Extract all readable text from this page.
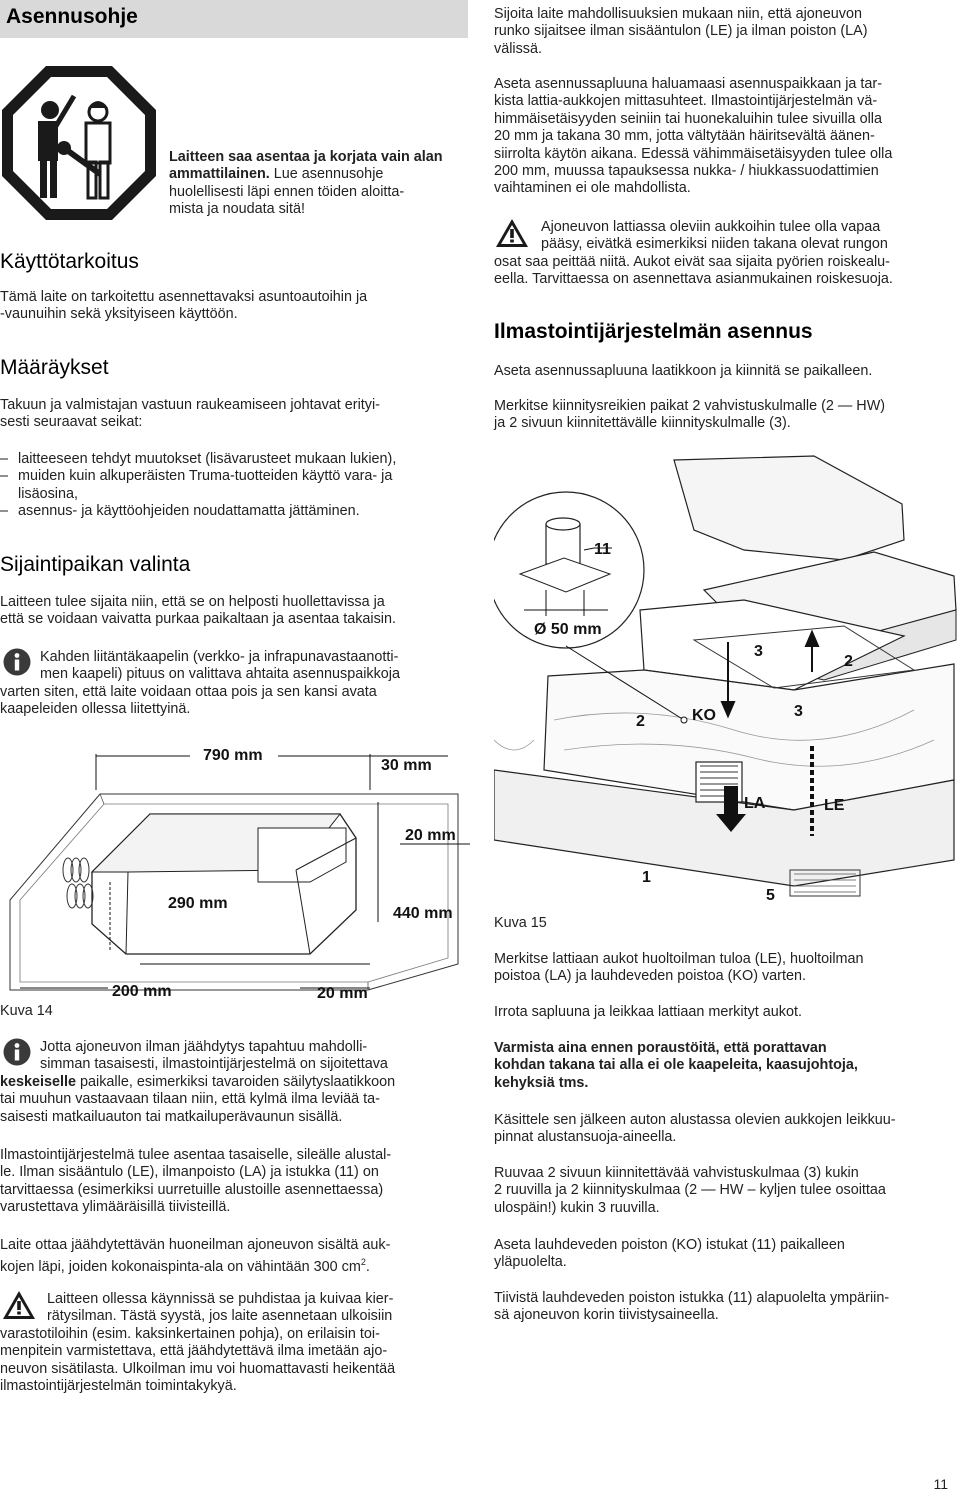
Asennusohje
Laitteen saa asentaa ja korjata vain alan ammattilainen. Lue asennusohje
huolellisesti läpi ennen töiden aloitta-
mista ja noudata sitä!
Käyttötarkoitus
Tämä laite on tarkoitettu asennettavaksi asuntoautoihin ja
-vaunuihin sekä yksityiseen käyttöön.
Määräykset
Takuun ja valmistajan vastuun raukeamiseen johtavat erityi-
sesti seuraavat seikat:
– laitteeseen tehdyt muutokset (lisävarusteet mukaan lukien),
– muiden kuin alkuperäisten Truma-tuotteiden käyttö vara- ja
lisäosina,
– asennus- ja käyttöohjeiden noudattamatta jättäminen.
Sijaintipaikan valinta
Laitteen tulee sijaita niin, että se on helposti huollettavissa ja
että se voidaan vaivatta purkaa paikaltaan ja asentaa takaisin.
Kahden liitäntäkaapelin (verkko- ja infrapunavastaanotti-
men kaapeli) pituus on valittava ahtaita asennuspaikkoja
varten siten, että laite voidaan ottaa pois ja sen kansi avata
kaapeleiden ollessa liitettyinä.
790 mm
30 mm
20 mm
290 mm
440 mm
200 mm	20 mm
Kuva 14
Jotta ajoneuvon ilman jäähdytys tapahtuu mahdolli-
simman tasaisesti, ilmastointijärjestelmä on sijoitettava
keskeiselle paikalle, esimerkiksi tavaroiden säilytyslaatikkoon
tai muuhun vastaavaan tilaan niin, että kylmä ilma leviää ta-
saisesti matkailuauton tai matkailuperävaunun sisällä.
Ilmastointijärjestelmä tulee asentaa tasaiselle, sileälle alustal-
le. Ilman sisääntulo (LE), ilmanpoisto (LA) ja istukka (11) on
tarvittaessa (esimerkiksi uurretuille alustoille asennettaessa)
varustettava ylimääräisillä tiivisteillä.
Laite ottaa jäähdytettävän huoneilman ajoneuvon sisältä auk-
kojen läpi, joiden kokonaispinta-ala on vähintään 300 $cm^2$.
Laitteen ollessa käynnissä se puhdistaa ja kuivaa kier-
rätysilman. Tästä syystä, jos laite asennetaan ulkoisiin
varastotiloihin (esim. kaksinkertainen pohja), on erilaisin toi-
menpitein varmistettava, että jäähdytettävä ilma imetään ajo-
neuvon sisätilasta. Ulkoilman imu voi huomattavasti heikentää
ilmastointijärjestelmän toimintakykyä.
Sijoita laite mahdollisuuksien mukaan niin, että ajoneuvon
runko sijaitsee ilman sisääntulon (LE) ja ilman poiston (LA)
välissä.
Aseta asennussapluuna haluamaasi asennuspaikkaan ja tar-
kista lattia-aukkojen mittasuhteet. Ilmastointijärjestelmän vä-
himmäisetäisyyden seiniin tai huonekaluihin tulee sivuilla olla
20 mm ja takana 30 mm, jotta vältytään häiritsevältä äänen-
siirrolta käytön aikana. Edessä vähimmäisetäisyyden tulee olla
200 mm, muussa tapauksessa nukka- / hiukkassuodattimien
vaihtaminen ei ole mahdollista.
Ajoneuvon lattiassa oleviin aukkoihin tulee olla vapaa
pääsy, eivätkä esimerkiksi niiden takana olevat rungon
osat saa peittää niitä. Aukot eivät saa sijaita pyörien roiskealu-
eella. Tarvittaessa on asennettava asianmukainen roiskesuoja.
Ilmastointijärjestelmän asennus
Aseta asennussapluuna laatikkoon ja kiinnitä se paikalleen.
Merkitse kiinnitysreikien paikat 2 vahvistuskulmalle (2 — HW)
ja 2 sivuun kiinnitettävälle kiinnityskulmalle (3).
11
Ø 50 mm
3
2
2	KO	3
LA	LE
1
5
Kuva 15
Merkitse lattiaan aukot huoltoilman tuloa (LE), huoltoilman
poistoa (LA) ja lauhdeveden poistoa (KO) varten.
Irrota sapluuna ja leikkaa lattiaan merkityt aukot.
Varmista aina ennen poraustöitä, että porattavan
kohdan takana tai alla ei ole kaapeleita, kaasujohtoja,
kehyksiä tms.
Käsittele sen jälkeen auton alustassa olevien aukkojen leikkuu-
pinnat alustansuoja-aineella.
Ruuvaa 2 sivuun kiinnitettävää vahvistuskulmaa (3) kukin
2 ruuvilla ja 2 kiinnityskulmaa (2 — HW – kyljen tulee osoittaa
ulospäin!) kukin 3 ruuvilla.
Aseta lauhdeveden poiston (KO) istukat (11) paikalleen
yläpuolelta.
Tiivistä lauhdeveden poiston istukka (11) alapuolelta ympäriin-
sä ajoneuvon korin tiivistysaineella.
11
